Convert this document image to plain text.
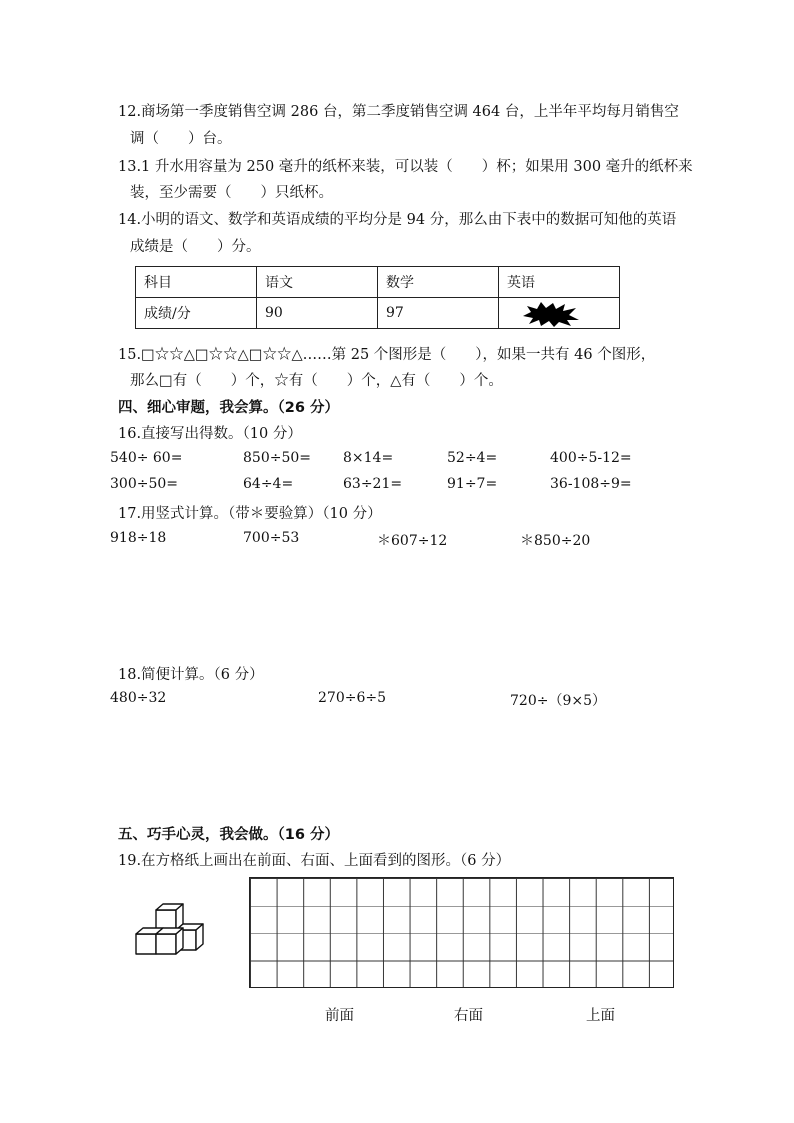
12.商场第一季度销售空调 286 台，第二季度销售空调 464 台，上半年平均每月销售空
调（　　）台。
13.1 升水用容量为 250 毫升的纸杯来装，可以装（　　）杯；如果用 300 毫升的纸杯来
装，至少需要（　　）只纸杯。
14.小明的语文、数学和英语成绩的平均分是 94 分，那么由下表中的数据可知他的英语
成绩是（　　）分。
科目	语文	数学	英语
成绩/分	90	97	
15.□☆☆△□☆☆△□☆☆△……第 25 个图形是（　　），如果一共有 46 个图形，
那么□有（　　）个，☆有（　　）个，△有（　　）个。
四、细心审题，我会算。（26 分）
16.直接写出得数。（10 分）
540÷ 60=	850÷50= 8×14=	52÷4=	400÷5-12=
300÷50=	64÷4=	63÷21=	91÷7=	36-108÷9=
17.用竖式计算。（带＊要验算）（10 分）
918÷18	700÷53	＊607÷12	＊850÷20
18.简便计算。（6 分）
480÷32	270÷6÷5	720÷（9×5）
五、巧手心灵，我会做。（16 分）
19.在方格纸上画出在前面、右面、上面看到的图形。（6 分）
前面	右面	上面
